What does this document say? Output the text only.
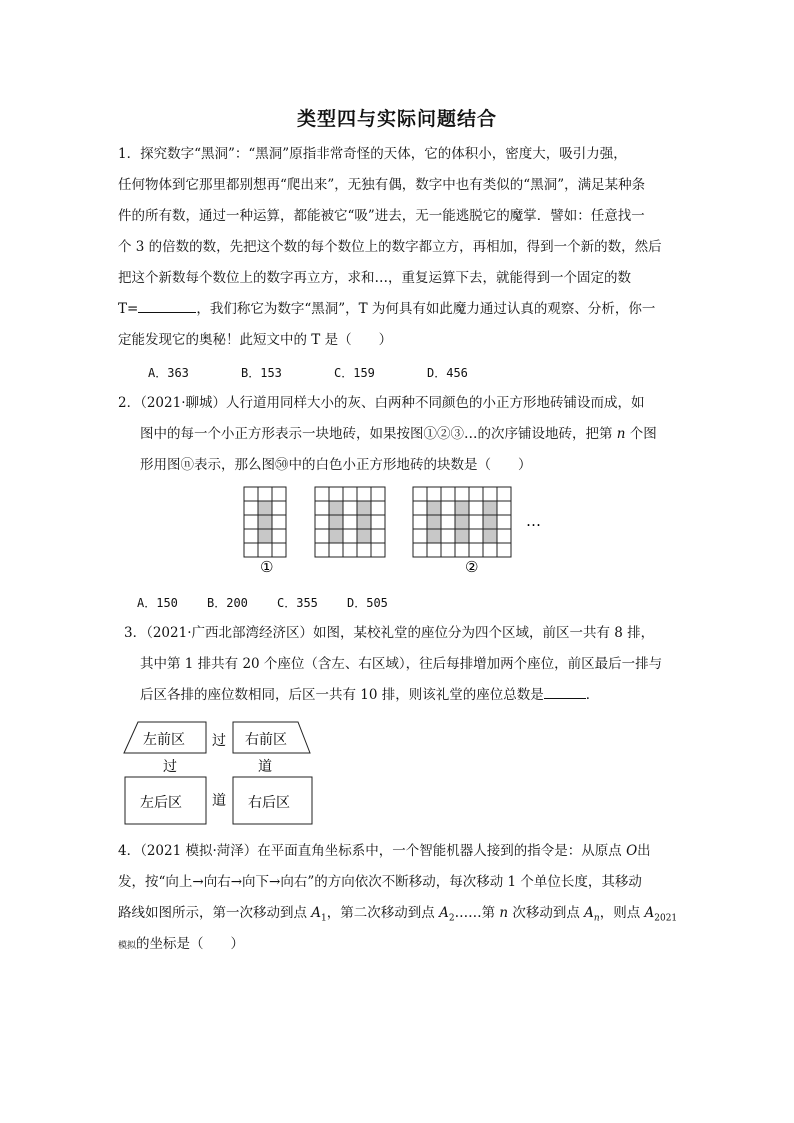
类型四与实际问题结合
1．探究数字“黑洞”：“黑洞”原指非常奇怪的天体，它的体积小，密度大，吸引力强，
任何物体到它那里都别想再“爬出来”，无独有偶，数字中也有类似的“黑洞”，满足某种条
件的所有数，通过一种运算，都能被它“吸”进去，无一能逃脱它的魔掌．譬如：任意找一
个 3 的倍数的数，先把这个数的每个数位上的数字都立方，再相加，得到一个新的数，然后
把这个新数每个数位上的数字再立方，求和…，重复运算下去，就能得到一个固定的数
T=	，我们称它为数字“黑洞”，T 为何具有如此魔力通过认真的观察、分析，你一
定能发现它的奥秘！此短文中的 T 是（　　）
A．363	B．153	C．159	D．456
2．（2021·聊城）人行道用同样大小的灰、白两种不同颜色的小正方形地砖铺设而成，如
图中的每一个小正方形表示一块地砖，如果按图①②③…的次序铺设地砖，把第 n 个图
形用图ⓝ表示，那么图㊿中的白色小正方形地砖的块数是（　　）
…
①	②
A．150 B．200 C．355 D．505
3．（2021·广西北部湾经济区）如图，某校礼堂的座位分为四个区域，前区一共有 8 排，
其中第 1 排共有 20 个座位（含左、右区域），往后每排增加两个座位，前区最后一排与
后区各排的座位数相同，后区一共有 10 排，则该礼堂的座位总数是	．
左前区	右前区
左后区	右后区
过
过	道
道
4．（2021 模拟·菏泽）在平面直角坐标系中，一个智能机器人接到的指令是：从原点 O出
发，按“向上→向右→向下→向右”的方向依次不断移动，每次移动 1 个单位长度，其移动
路线如图所示，第一次移动到点 $A_1$，第二次移动到点 $A_2\dots\dots$第 n 次移动到点 $A_n$，则点 $A_{2021}$
模拟的坐标是（　　）
